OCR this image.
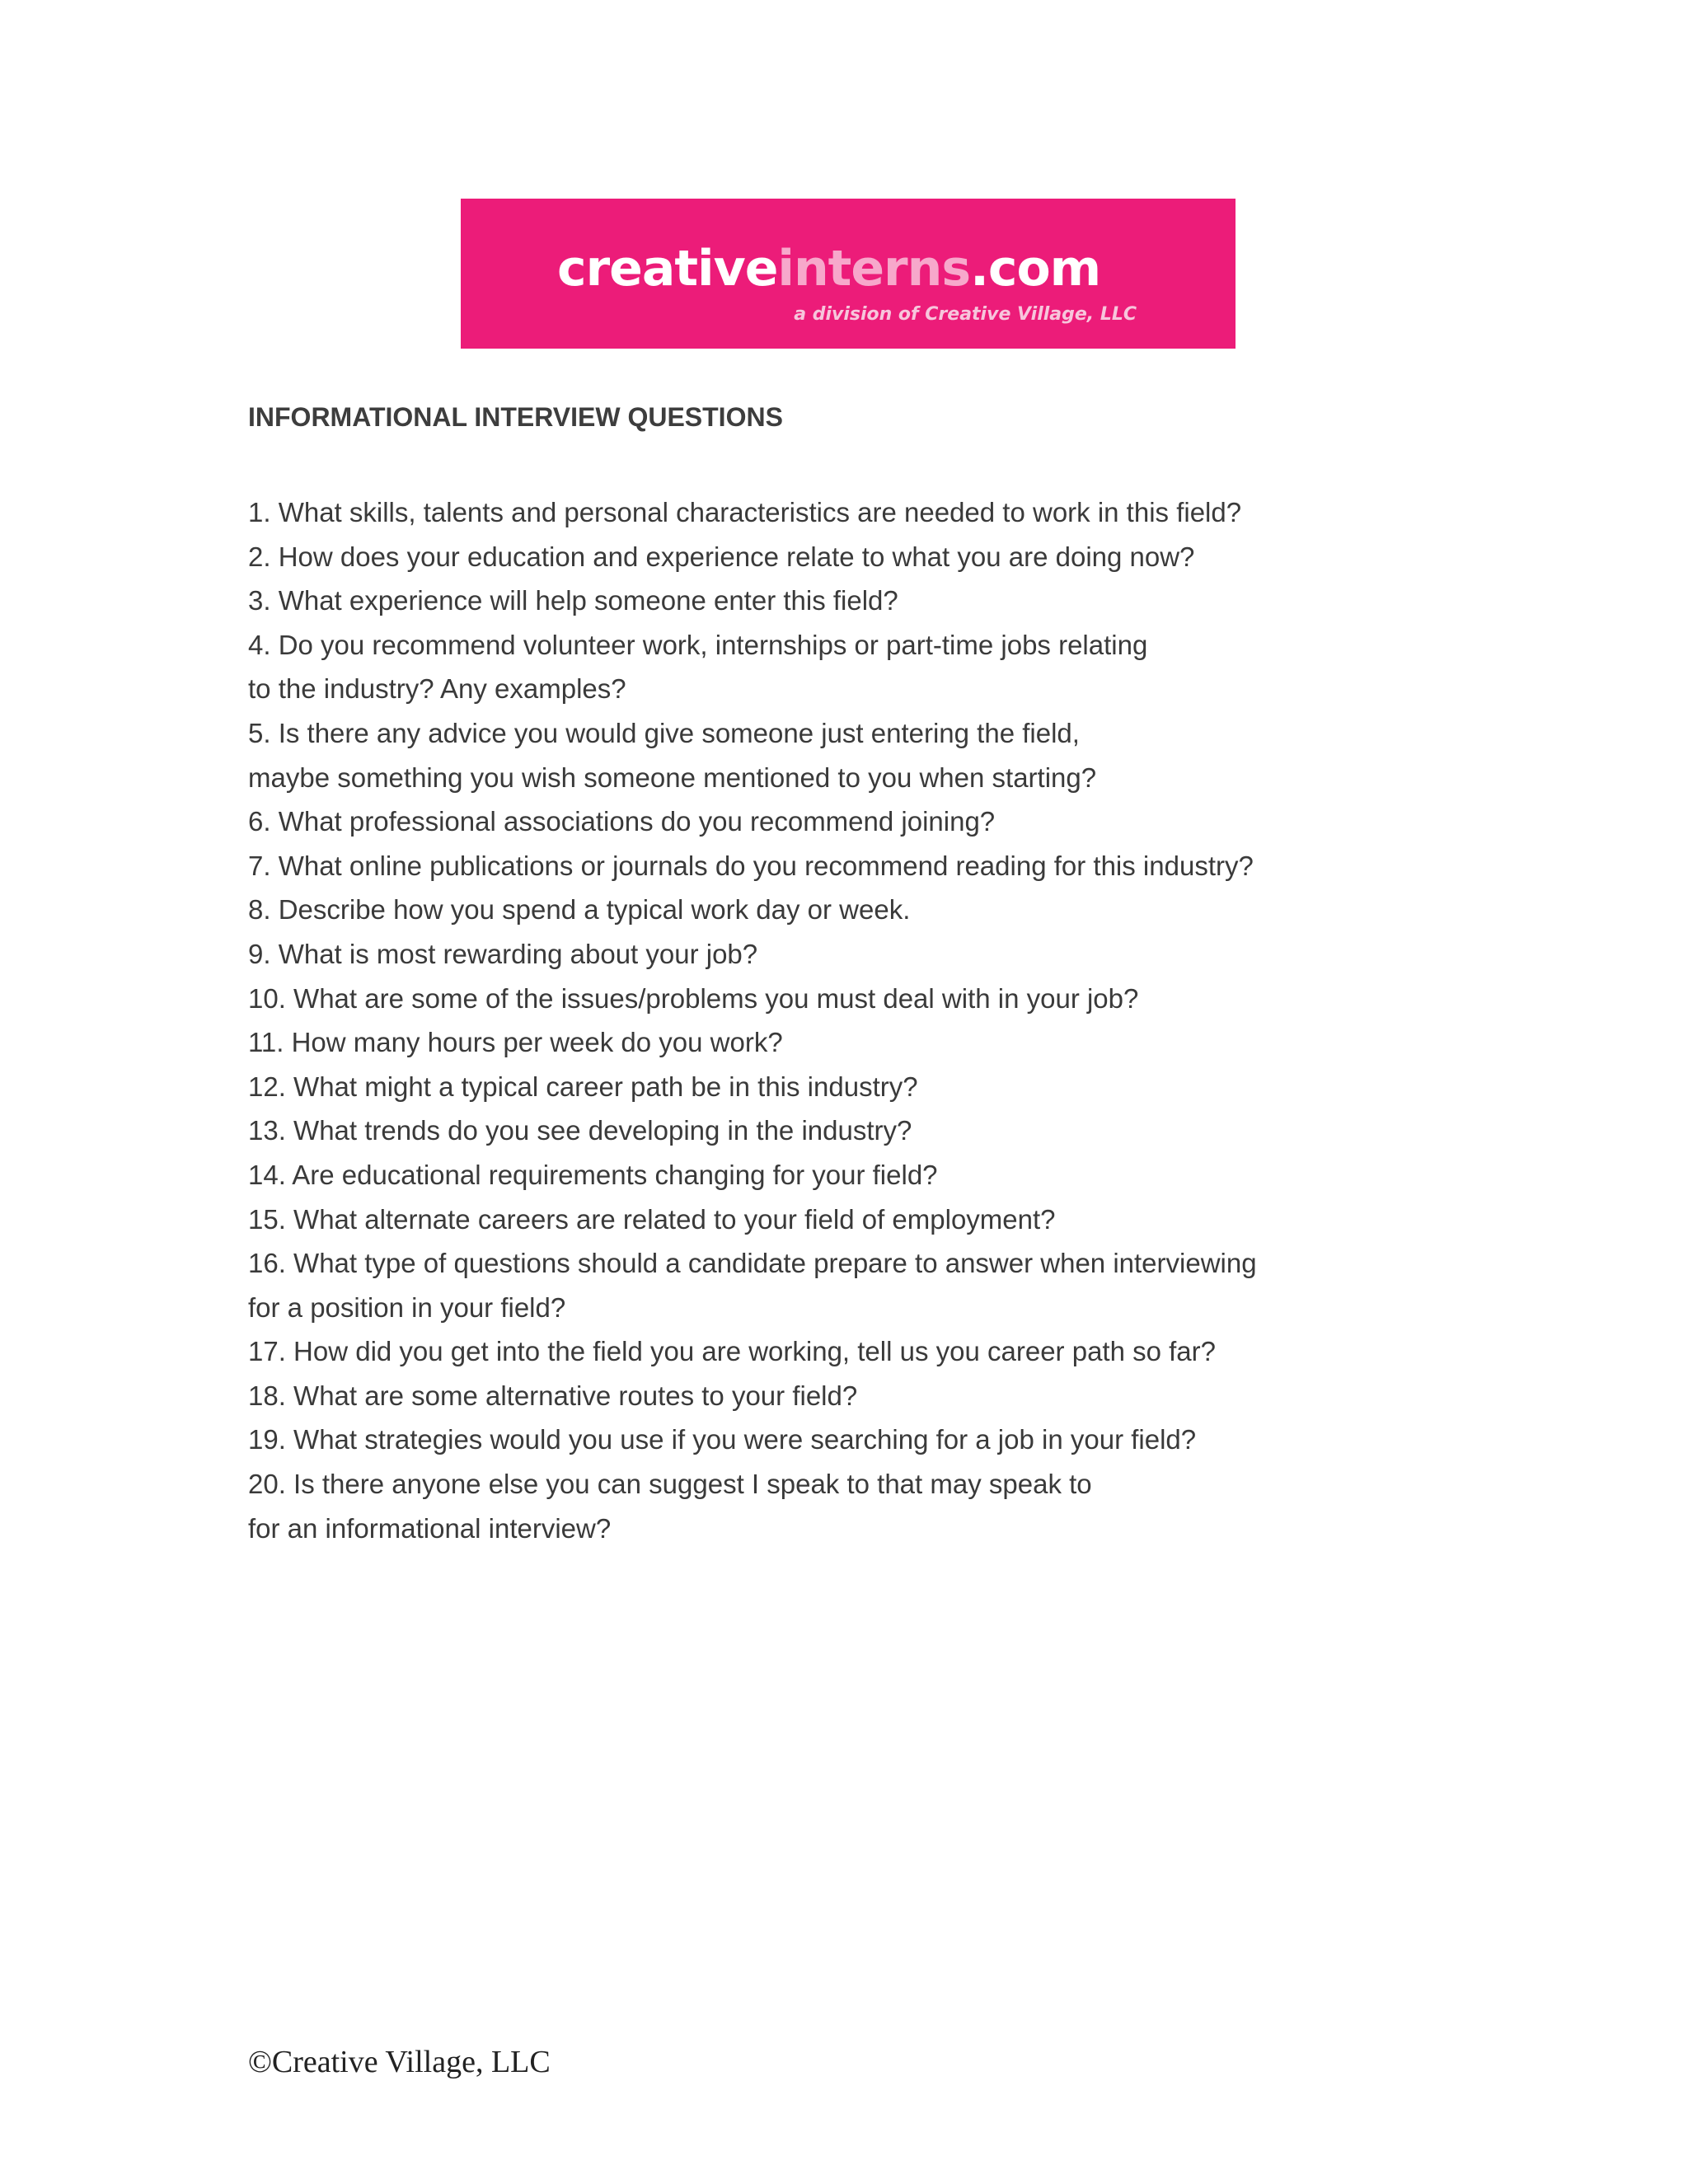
creativeinterns.com
a division of Creative Village, LLC
INFORMATIONAL INTERVIEW QUESTIONS
1. What skills, talents and personal characteristics are needed to work in this field?
2. How does your education and experience relate to what you are doing now?
3. What experience will help someone enter this field?
4. Do you recommend volunteer work, internships or part-time jobs relating
to the industry? Any examples?
5. Is there any advice you would give someone just entering the field,
maybe something you wish someone mentioned to you when starting?
6. What professional associations do you recommend joining?
7. What online publications or journals do you recommend reading for this industry?
8. Describe how you spend a typical work day or week.
9. What is most rewarding about your job?
10. What are some of the issues/problems you must deal with in your job?
11. How many hours per week do you work?
12. What might a typical career path be in this industry?
13. What trends do you see developing in the industry?
14. Are educational requirements changing for your field?
15. What alternate careers are related to your field of employment?
16. What type of questions should a candidate prepare to answer when interviewing
for a position in your field?
17. How did you get into the field you are working, tell us you career path so far?
18. What are some alternative routes to your field?
19. What strategies would you use if you were searching for a job in your field?
20. Is there anyone else you can suggest I speak to that may speak to
for an informational interview?
©Creative Village, LLC
